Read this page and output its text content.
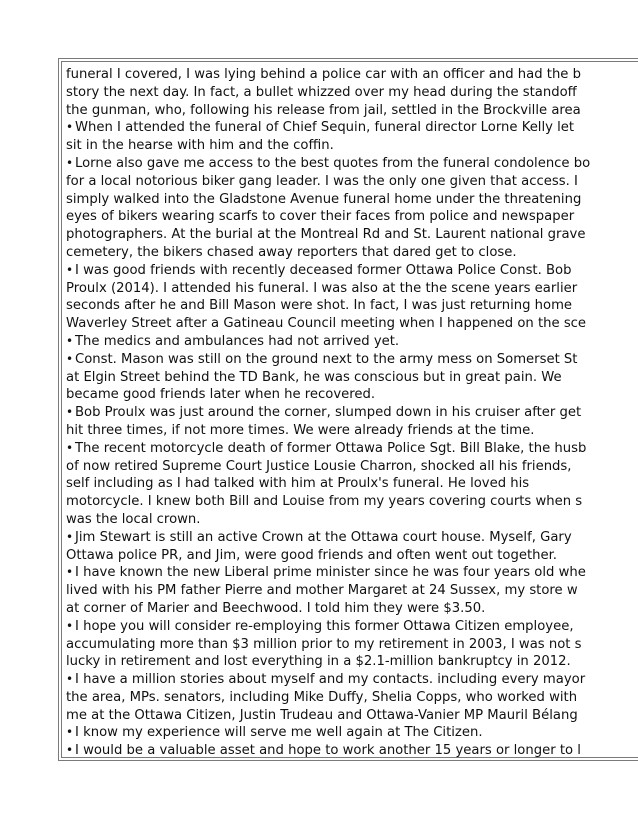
funeral I covered, I was lying behind a police car with an officer and had the b
story the next day. In fact, a bullet whizzed over my head during the standoff
the gunman, who, following his release from jail, settled in the Brockville area
• When I attended the funeral of Chief Sequin, funeral director Lorne Kelly let
sit in the hearse with him and the coffin.
• Lorne also gave me access to the best quotes from the funeral condolence bo
for a local notorious biker gang leader. I was the only one given that access. I
simply walked into the Gladstone Avenue funeral home under the threatening
eyes of bikers wearing scarfs to cover their faces from police and newspaper
photographers. At the burial at the Montreal Rd and St. Laurent national grave
cemetery, the bikers chased away reporters that dared get to close.
• I was good friends with recently deceased former Ottawa Police Const. Bob
Proulx (2014). I attended his funeral. I was also at the the scene years earlier
seconds after he and Bill Mason were shot. In fact, I was just returning home
Waverley Street after a Gatineau Council meeting when I happened on the sce
• The medics and ambulances had not arrived yet.
• Const. Mason was still on the ground next to the army mess on Somerset St
at Elgin Street behind the TD Bank, he was conscious but in great pain. We
became good friends later when he recovered.
• Bob Proulx was just around the corner, slumped down in his cruiser after get
hit three times, if not more times. We were already friends at the time.
• The recent motorcycle death of former Ottawa Police Sgt. Bill Blake, the husb
of now retired Supreme Court Justice Lousie Charron, shocked all his friends,
self including as I had talked with him at Proulx's funeral. He loved his
motorcycle. I knew both Bill and Louise from my years covering courts when s
was the local crown.
• Jim Stewart is still an active Crown at the Ottawa court house. Myself, Gary
Ottawa police PR, and Jim, were good friends and often went out together.
• I have known the new Liberal prime minister since he was four years old whe
lived with his PM father Pierre and mother Margaret at 24 Sussex, my store w
at corner of Marier and Beechwood. I told him they were $3.50.
• I hope you will consider re-employing this former Ottawa Citizen employee,
accumulating more than $3 million prior to my retirement in 2003, I was not s
lucky in retirement and lost everything in a $2.1-million bankruptcy in 2012.
• I have a million stories about myself and my contacts. including every mayor
the area, MPs. senators, including Mike Duffy, Shelia Copps, who worked with
me at the Ottawa Citizen, Justin Trudeau and Ottawa-Vanier MP Mauril Bélang
• I know my experience will serve me well again at The Citizen.
• I would be a valuable asset and hope to work another 15 years or longer to l
